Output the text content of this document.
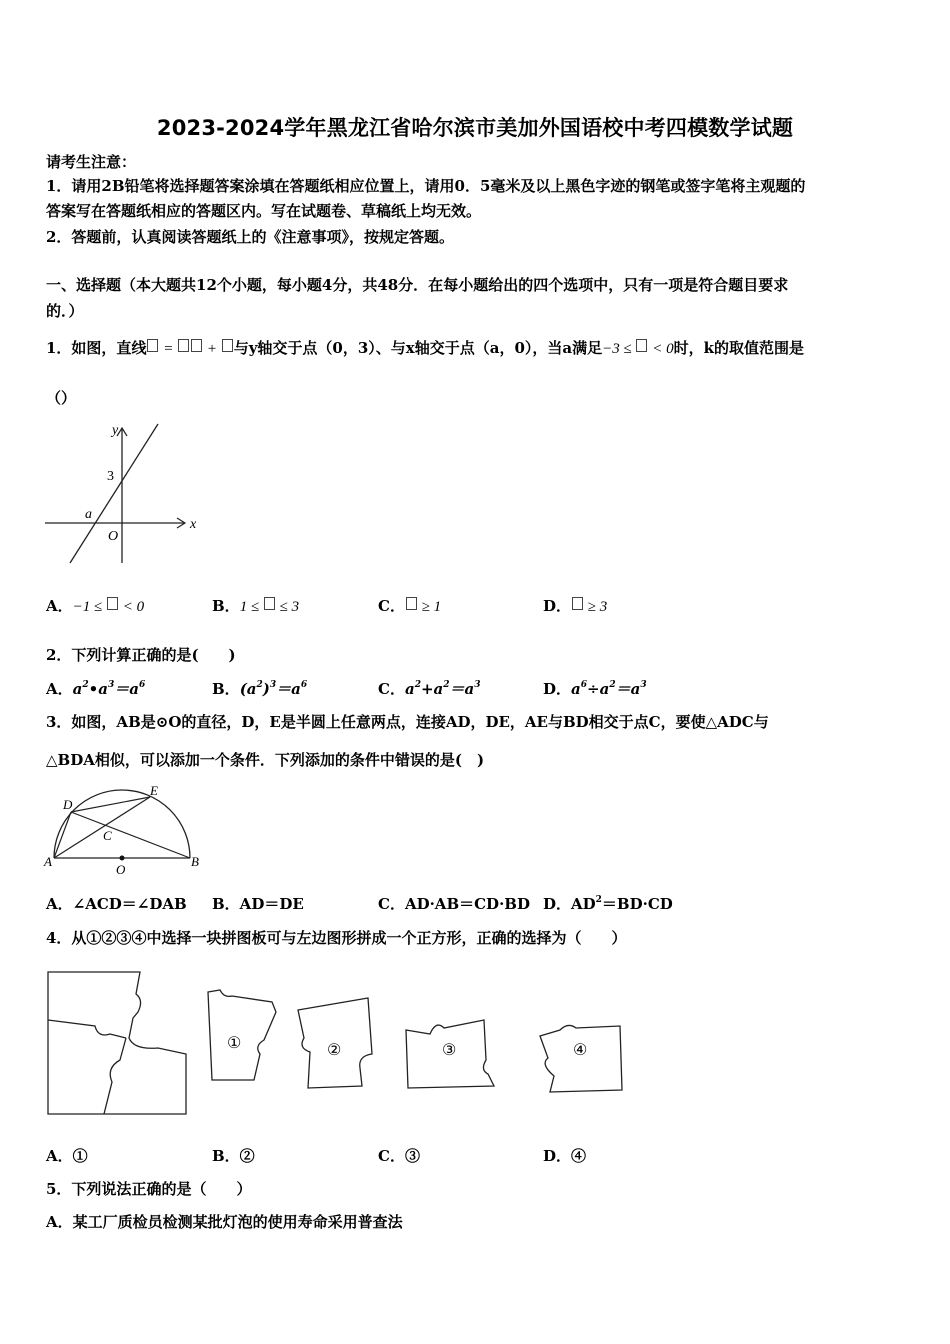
2023-2024学年黑龙江省哈尔滨市美加外国语校中考四模数学试题
请考生注意：
1．请用2B铅笔将选择题答案涂填在答题纸相应位置上，请用0．5毫米及以上黑色字迹的钢笔或签字笔将主观题的
答案写在答题纸相应的答题区内。写在试题卷、草稿纸上均无效。
2．答题前，认真阅读答题纸上的《注意事项》，按规定答题。
一、选择题（本大题共12个小题，每小题4分，共48分．在每小题给出的四个选项中，只有一项是符合题目要求
的．）
1．如图，直线 = + 与y轴交于点（0，3）、与x轴交于点（a，0），当a满足−3 ≤ < 0时，k的取值范围是
（）
y
x
3
a
O
A．−1 ≤ < 0	B．1 ≤ ≤ 3	C． ≥ 1	D． ≥ 3
2．下列计算正确的是(　　)
A．$a^2•a^3=a^6$	B．$(a^2)^3=a^6$	C．$a^2+a^2=a^3$	D．$a^6\div a^2=a^3$
3．如图，AB是⊙O的直径，D，E是半圆上任意两点，连接AD，DE，AE与BD相交于点C，要使△ADC与
△BDA相似，可以添加一个条件．下列添加的条件中错误的是(　)
D
E
C
A	B
O
A．∠ACD＝∠DAB B．AD＝DE	C．AD·AB＝CD·BD D．$AD^2=BD\cdot CD$
4．从①②③④中选择一块拼图板可与左边图形拼成一个正方形，正确的选择为（　　）
①	②	③	④
A．①	B．②	C．③	D．④
5．下列说法正确的是（　　）
A．某工厂质检员检测某批灯泡的使用寿命采用普查法
